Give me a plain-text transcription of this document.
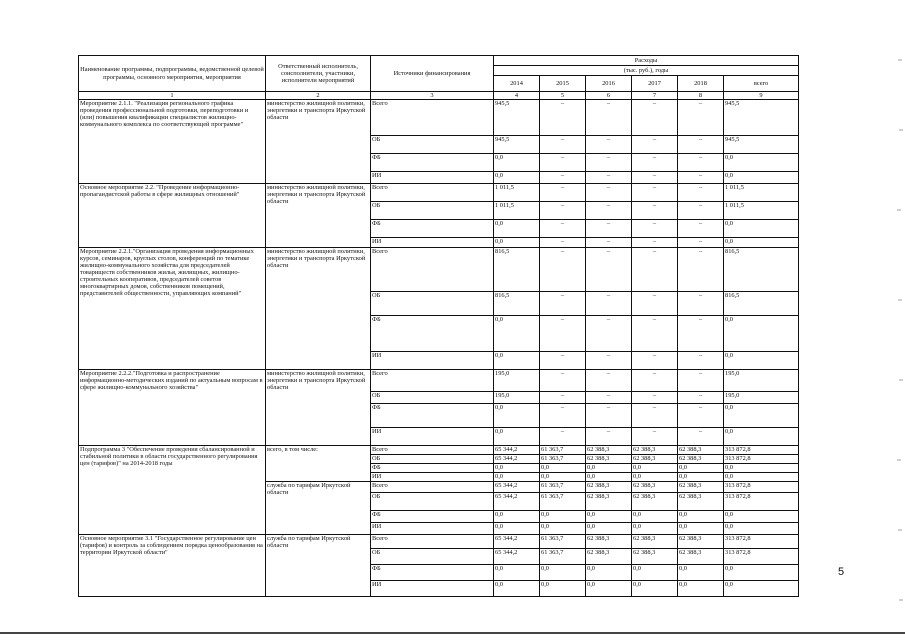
Наименование программы, подпрограммы, ведомственной целевой программы, основного мероприятия, мероприятия	Ответственный исполнитель, соисполнители, участники, исполнители мероприятий	Источники финансирования	Расходы					
			(тыс. руб.), годы					
			2014	2015	2016	2017	2018	всего
1	2	3	4	5	6	7	8	9
Мероприятие 2.1.1. "Реализация регионального графика проведения профессиональной подготовки, переподготовки и (или) повышения квалификации специалистов жилищно-коммунального комплекса по соответствующей программе"	министерство жилищной политики, энергетики и транспорта Иркутской области	Всего	945,5	–	–	–	–	945,5
		ОБ	945,5	–	–	–	–	945,5
		ФБ	0,0	–	–	–	–	0,0
		ИИ	0,0	–	–	–	–	0,0
Основное мероприятие 2.2. "Проведение информационно-пропагандистской работы в сфере жилищных отношений"	министерство жилищной политики, энергетики и транспорта Иркутской области	Всего	1 011,5	–	–	–	–	1 011,5
		ОБ	1 011,5	–	–	–	–	1 011,5
		ФБ	0,0	–	–	–	–	0,0
		ИИ	0,0	–	–	–	–	0,0
Мероприятие 2.2.1."Организация проведения информационных курсов, семинаров, круглых столов, конференций по тематике жилищно-коммунального хозяйства для председателей товариществ собственников жилья, жилищных, жилищно-строительных кооперативов, председателей советов многоквартирных домов, собственников помещений, представителей общественности, управляющих компаний"	министерство жилищной политики, энергетики и транспорта Иркутской области	Всего	816,5	–	–	–	–	816,5
		ОБ	816,5	–	–	–	–	816,5
		ФБ	0,0	–	–	–	–	0,0
		ИИ	0,0	–	–	–	–	0,0
Мероприятие 2.2.2."Подготовка и распространение информационно-методических изданий по актуальным вопросам в сфере жилищно-коммунального хозяйства"	министерство жилищной политики, энергетики и транспорта Иркутской области	Всего	195,0	–	–	–	–	195,0
		ОБ	195,0	–	–	–	–	195,0
		ФБ	0,0	–	–	–	–	0,0
		ИИ	0,0	–	–	–	–	0,0
Подпрограмма 3 "Обеспечение проведения сбалансированной и стабильной политики в области государственного регулирования цен (тарифов)" на 2014-2018 годы	всего, в том числе:	Всего	65 344,2	61 363,7	62 388,3	62 388,3	62 388,3	313 872,8
		ОБ	65 344,2	61 363,7	62 388,3	62 388,3	62 388,3	313 872,8
		ФБ	0,0	0,0	0,0	0,0	0,0	0,0
		ИИ	0,0	0,0	0,0	0,0	0,0	0,0
	служба по тарифам Иркутской области	Всего	65 344,2	61 363,7	62 388,3	62 388,3	62 388,3	313 872,8
		ОБ	65 344,2	61 363,7	62 388,3	62 388,3	62 388,3	313 872,8
		ФБ	0,0	0,0	0,0	0,0	0,0	0,0
		ИИ	0,0	0,0	0,0	0,0	0,0	0,0
Основное мероприятие 3.1 "Государственное регулирование цен (тарифов) и контроль за соблюдением порядка ценообразования на территории Иркутской области"	служба по тарифам Иркутской области	Всего	65 344,2	61 363,7	62 388,3	62 388,3	62 388,3	313 872,8
		ОБ	65 344,2	61 363,7	62 388,3	62 388,3	62 388,3	313 872,8
		ФБ	0,0	0,0	0,0	0,0	0,0	0,0
		ИИ	0,0	0,0	0,0	0,0	0,0	0,0
5
